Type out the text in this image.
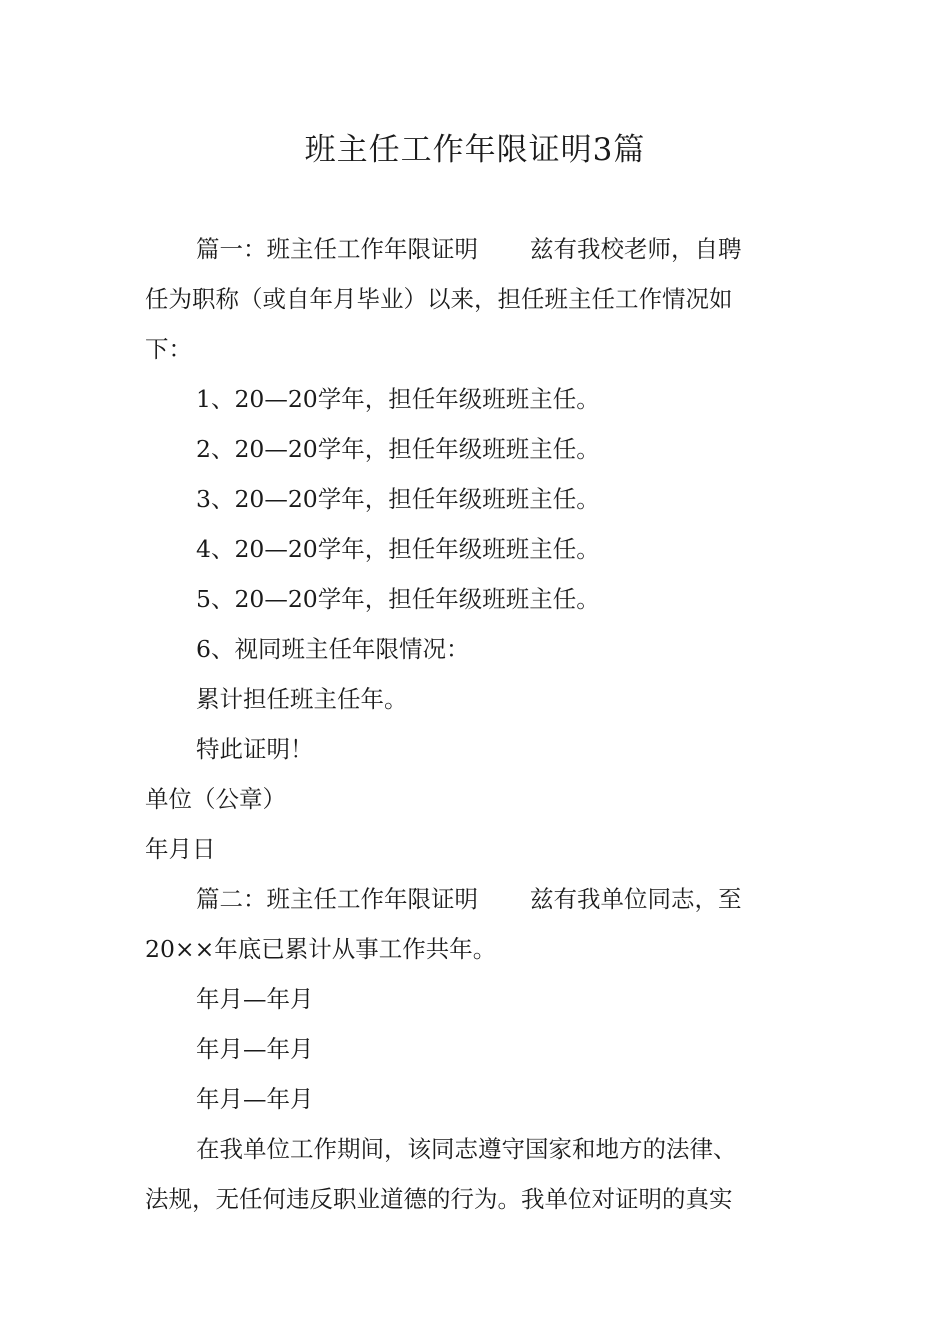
班主任工作年限证明3篇

篇一：班主任工作年限证明 兹有我校老师，自聘

任为职称（或自年月毕业）以来，担任班主任工作情况如

下：

1、20—20学年，担任年级班班主任。

2、20—20学年，担任年级班班主任。

3、20—20学年，担任年级班班主任。

4、20—20学年，担任年级班班主任。

5、20—20学年，担任年级班班主任。

6、视同班主任年限情况：

累计担任班主任年。

特此证明！

单位（公章）

年月日

篇二：班主任工作年限证明 兹有我单位同志，至

20××年底已累计从事工作共年。

年月—年月

年月—年月

年月—年月

在我单位工作期间，该同志遵守国家和地方的法律、

法规，无任何违反职业道德的行为。我单位对证明的真实
